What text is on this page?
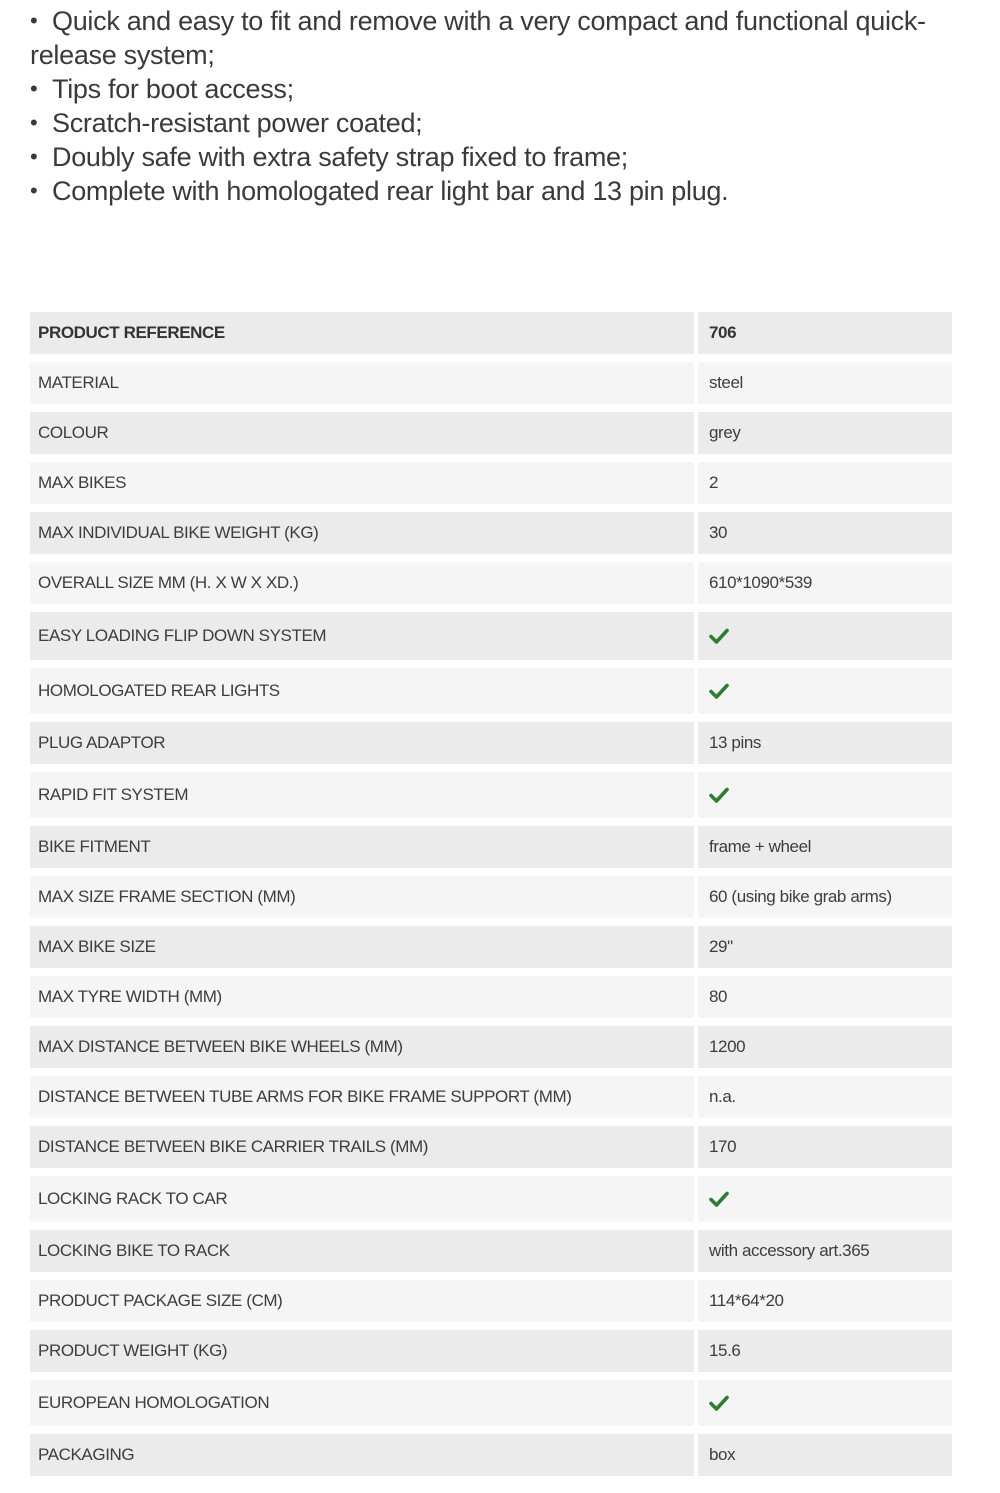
• Quick and easy to fit and remove with a very compact and functional quick-release system;
• Tips for boot access;
• Scratch-resistant power coated;
• Doubly safe with extra safety strap fixed to frame;
• Complete with homologated rear light bar and 13 pin plug.
PRODUCT REFERENCE	706
MATERIAL	steel
COLOUR	grey
MAX BIKES	2
MAX INDIVIDUAL BIKE WEIGHT (KG)	30
OVERALL SIZE MM (H. X W X XD.)	610*1090*539
EASY LOADING FLIP DOWN SYSTEM
HOMOLOGATED REAR LIGHTS
PLUG ADAPTOR	13 pins
RAPID FIT SYSTEM
BIKE FITMENT	frame + wheel
MAX SIZE FRAME SECTION (MM)	60 (using bike grab arms)
MAX BIKE SIZE	29"
MAX TYRE WIDTH (MM)	80
MAX DISTANCE BETWEEN BIKE WHEELS (MM)	1200
DISTANCE BETWEEN TUBE ARMS FOR BIKE FRAME SUPPORT (MM)	n.a.
DISTANCE BETWEEN BIKE CARRIER TRAILS (MM)	170
LOCKING RACK TO CAR
LOCKING BIKE TO RACK	with accessory art.365
PRODUCT PACKAGE SIZE (CM)	114*64*20
PRODUCT WEIGHT (KG)	15.6
EUROPEAN HOMOLOGATION
PACKAGING	box
